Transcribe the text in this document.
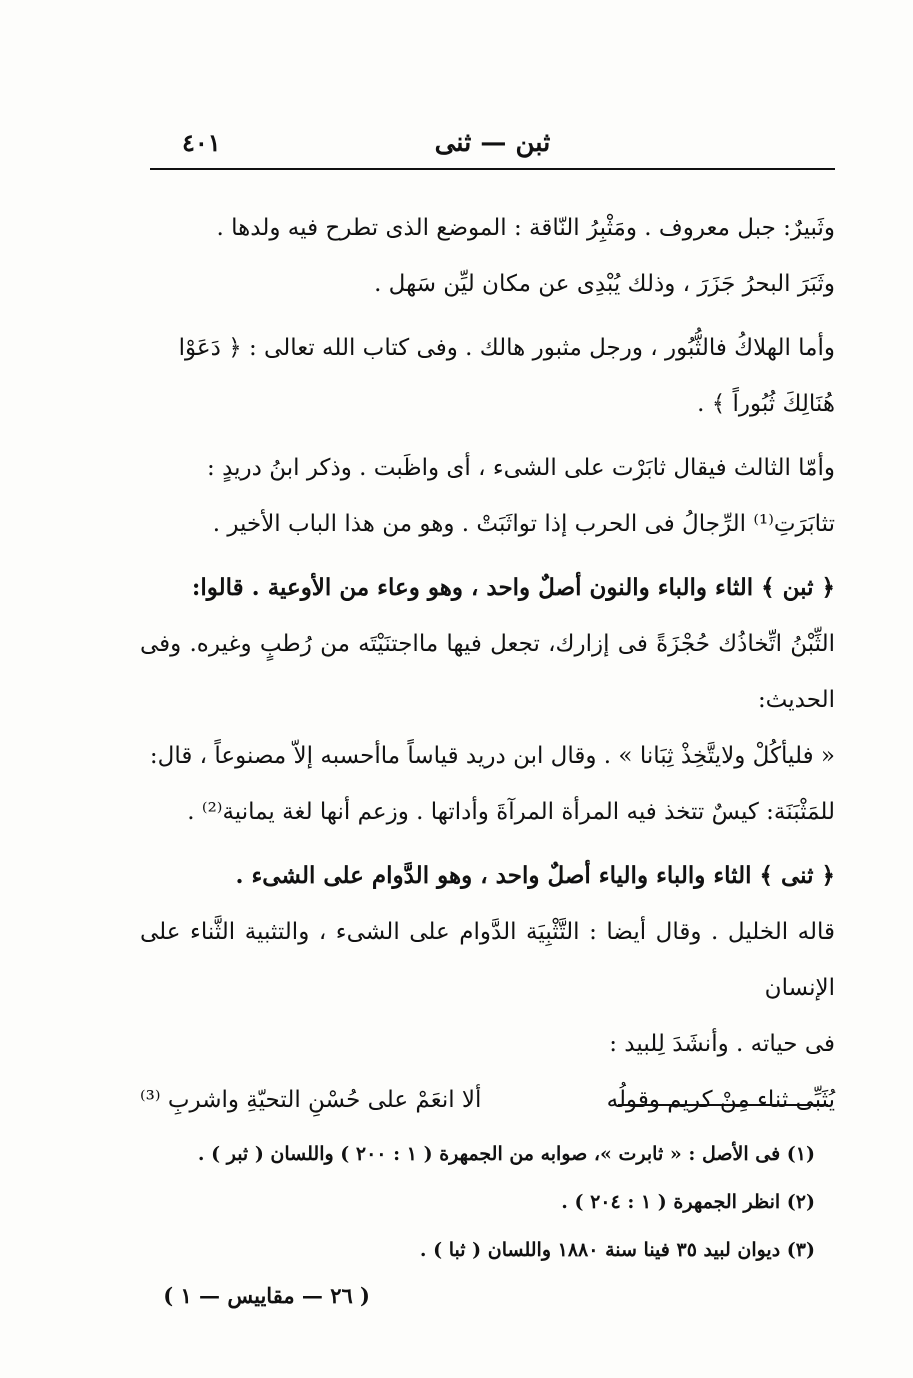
ثبن — ثنى
٤٠١

وثَبيرٌ: جبل معروف . ومَثْبِرُ النّاقة : الموضع الذى تطرح فيه ولدها .

وثَبَرَ البحرُ جَزَرَ ، وذلك يُبْدِى عن مكان ليِّن سَهل .

وأما الهلاكُ فالثُّبُور ، ورجل مثبور هالك . وفى كتاب الله تعالى : ﴿ دَعَوْا

هُنَالِكَ ثُبُوراً ﴾ .

وأمّا الثالث فيقال ثابَرْت على الشىء ، أى واظَبت . وذكر ابنُ دريدٍ :

تثابَرَتِ⁽¹⁾ الرِّجالُ فى الحرب إذا تواثَبَتْ . وهو من هذا الباب الأخير .

﴿ ثبن ﴾ الثاء والباء والنون أصلٌ واحد ، وهو وعاء من الأوعية . قالوا:

الثِّبْنُ اتِّخاذُك حُجْزَةً فى إزارك، تجعل فيها مااجتنَيْتَه من رُطبٍ وغيره. وفى الحديث:

« فليأكُلْ ولايتَّخِذْ ثِبَانا » . وقال ابن دريد قياساً ماأحسبه إلاّ مصنوعاً ، قال:

للمَثْبَنَة: كيسٌ تتخذ فيه المرأة المرآةَ وأداتها . وزعم أنها لغة يمانية⁽²⁾ .

﴿ ثنى ﴾ الثاء والباء والياء أصلٌ واحد ، وهو الدَّوام على الشىء .

قاله الخليل . وقال أيضا : التَّثْبِيَة الدَّوام على الشىء ، والتثبية الثَّناء على الإنسان

فى حياته . وأنشَدَ لِلبيد :

يُثَبِّى ثناء مِنْ كريم وقولُه
ألا انعَمْ على حُسْنِ التحيّةِ واشربِ ⁽³⁾

(١) فى الأصل : « ثابرت »، صوابه من الجمهرة ( ١ : ٢٠٠ ) واللسان ( ثبر ) .

(٢) انظر الجمهرة ( ١ : ٢٠٤ ) .

(٣) ديوان لبيد ٣٥ فينا سنة ١٨٨٠ واللسان ( ثبا ) .

( ٢٦ — مقاييس — ١ )
